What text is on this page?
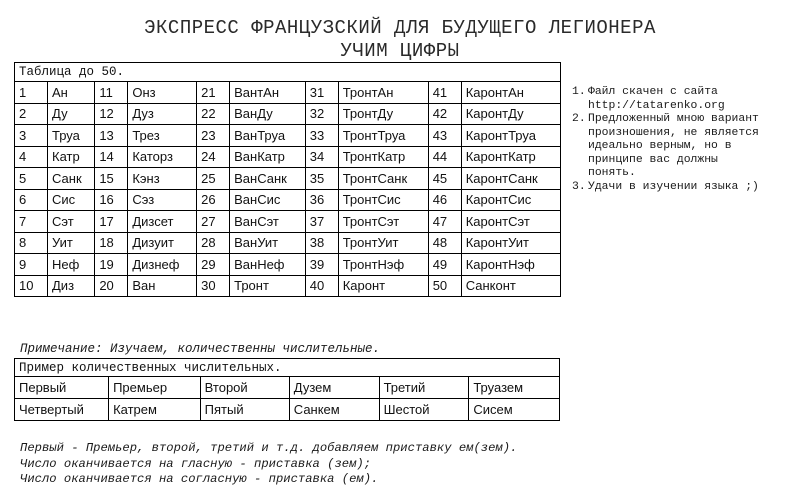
ЭКСПРЕСС ФРАНЦУЗСКИЙ ДЛЯ БУДУЩЕГО ЛЕГИОНЕРА
УЧИМ ЦИФРЫ
Таблица до 50.									
1	Ан	11	Онз	21	ВантАн	31	ТронтАн	41	КаронтАн
2	Ду	12	Дуз	22	ВанДу	32	ТронтДу	42	КаронтДу
3	Труа	13	Трез	23	ВанТруа	33	ТронтТруа	43	КаронтТруа
4	Катр	14	Каторз	24	ВанКатр	34	ТронтКатр	44	КаронтКатр
5	Санк	15	Кэнз	25	ВанСанк	35	ТронтСанк	45	КаронтСанк
6	Сис	16	Сэз	26	ВанСис	36	ТронтСис	46	КаронтСис
7	Сэт	17	Дизсет	27	ВанСэт	37	ТронтСэт	47	КаронтСэт
8	Уит	18	Дизуит	28	ВанУит	38	ТронтУит	48	КаронтУит
9	Неф	19	Дизнеф	29	ВанНеф	39	ТронтНэф	49	КаронтНэф
10	Диз	20	Ван	30	Тронт	40	Каронт	50	Санконт
1. Файл скачен с сайта
http://tatarenko.org
2. Предложенный мною вариант
произношения, не является
идеально верным, но в
принципе вас должны
понять.
3. Удачи в изучении языка ;)
Примечание: Изучаем, количественны числительные.
Пример количественных числительных.					
Первый	Премьер	Второй	Дузем	Третий	Труазем
Четвертый	Катрем	Пятый	Санкем	Шестой	Сисем
Первый - Премьер, второй, третий и т.д. добавляем приставку ем(зем).
Число оканчивается на гласную - приставка (зем);
Число оканчивается на согласную - приставка (ем).
